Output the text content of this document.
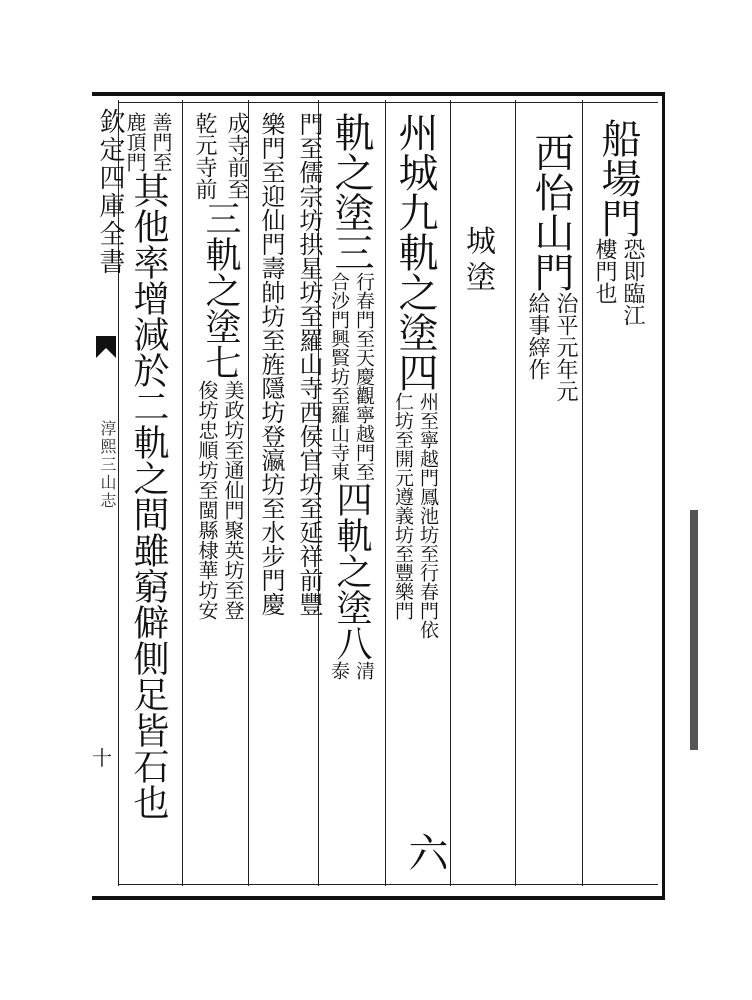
欽定四庫全書
淳熙三山志
十
船場門
恐即臨江
樓門也
西怡山門
治平元年元
給事縡作
城塗
州城九軌之塗四
州至寧越門鳳池坊至行春門依
仁坊至開元遵義坊至豐樂門
六
軌之塗三
行春門至天慶觀寧越門至
合沙門興賢坊至羅山寺東
四軌之塗八
清
泰
門至儒宗坊拱星坊至羅山寺西侯官坊至延祥前豐
樂門至迎仙門壽帥坊至旌隱坊登瀛坊至水步門慶
成寺前至
乾元寺前
三軌之塗七
美政坊至通仙門聚英坊至登
俊坊忠順坊至閩縣棣華坊安
善門至
鹿頂門
其他率增減於二軌之間雖窮僻側足皆石也
